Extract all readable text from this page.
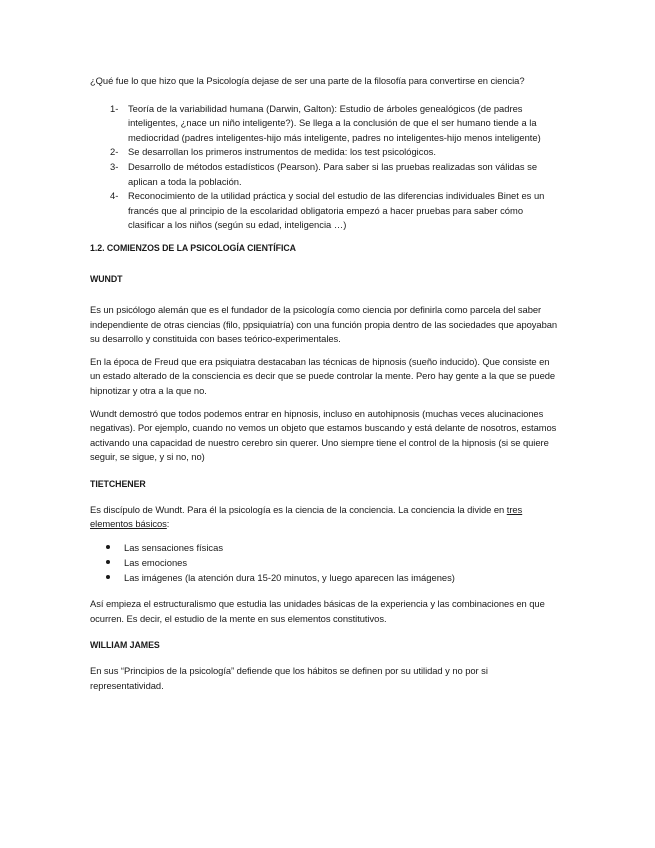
¿Qué fue lo que hizo que la Psicología dejase de ser una parte de la filosofía para convertirse en ciencia?

1- Teoría de la variabilidad humana (Darwin, Galton): Estudio de árboles genealógicos (de padres inteligentes, ¿nace un niño inteligente?). Se llega a la conclusión de que el ser humano tiende a la mediocridad (padres inteligentes-hijo más inteligente, padres no inteligentes-hijo menos inteligente)
2- Se desarrollan los primeros instrumentos de medida: los test psicológicos.
3- Desarrollo de métodos estadísticos (Pearson). Para saber si las pruebas realizadas son válidas se aplican a toda la población.
4- Reconocimiento de la utilidad práctica y social del estudio de las diferencias individuales Binet es un francés que al principio de la escolaridad obligatoria empezó a hacer pruebas para saber cómo clasificar a los niños (según su edad, inteligencia …)

1.2. COMIENZOS DE LA PSICOLOGÍA CIENTÍFICA

WUNDT

Es un psicólogo alemán que es el fundador de la psicología como ciencia por definirla como parcela del saber independiente de otras ciencias (filo, ppsiquiatría) con una función propia dentro de las sociedades que apoyaban su desarrollo y constituida con bases teórico-experimentales.

En la época de Freud que era psiquiatra destacaban las técnicas de hipnosis (sueño inducido). Que consiste en un estado alterado de la consciencia es decir que se puede controlar la mente. Pero hay gente a la que se puede hipnotizar y otra a la que no.

Wundt demostró que todos podemos entrar en hipnosis, incluso en autohipnosis (muchas veces alucinaciones negativas). Por ejemplo, cuando no vemos un objeto que estamos buscando y está delante de nosotros, estamos activando una capacidad de nuestro cerebro sin querer. Uno siempre tiene el control de la hipnosis (si se quiere seguir, se sigue, y si no, no)

TIETCHENER

Es discípulo de Wundt. Para él la psicología es la ciencia de la conciencia. La conciencia la divide en tres elementos básicos:

Las sensaciones físicas
Las emociones
Las imágenes (la atención dura 15-20 minutos, y luego aparecen las imágenes)

Así empieza el estructuralismo que estudia las unidades básicas de la experiencia y las combinaciones en que ocurren. Es decir, el estudio de la mente en sus elementos constitutivos.

WILLIAM JAMES

En sus “Principios de la psicología” defiende que los hábitos se definen por su utilidad y no por si representatividad.
